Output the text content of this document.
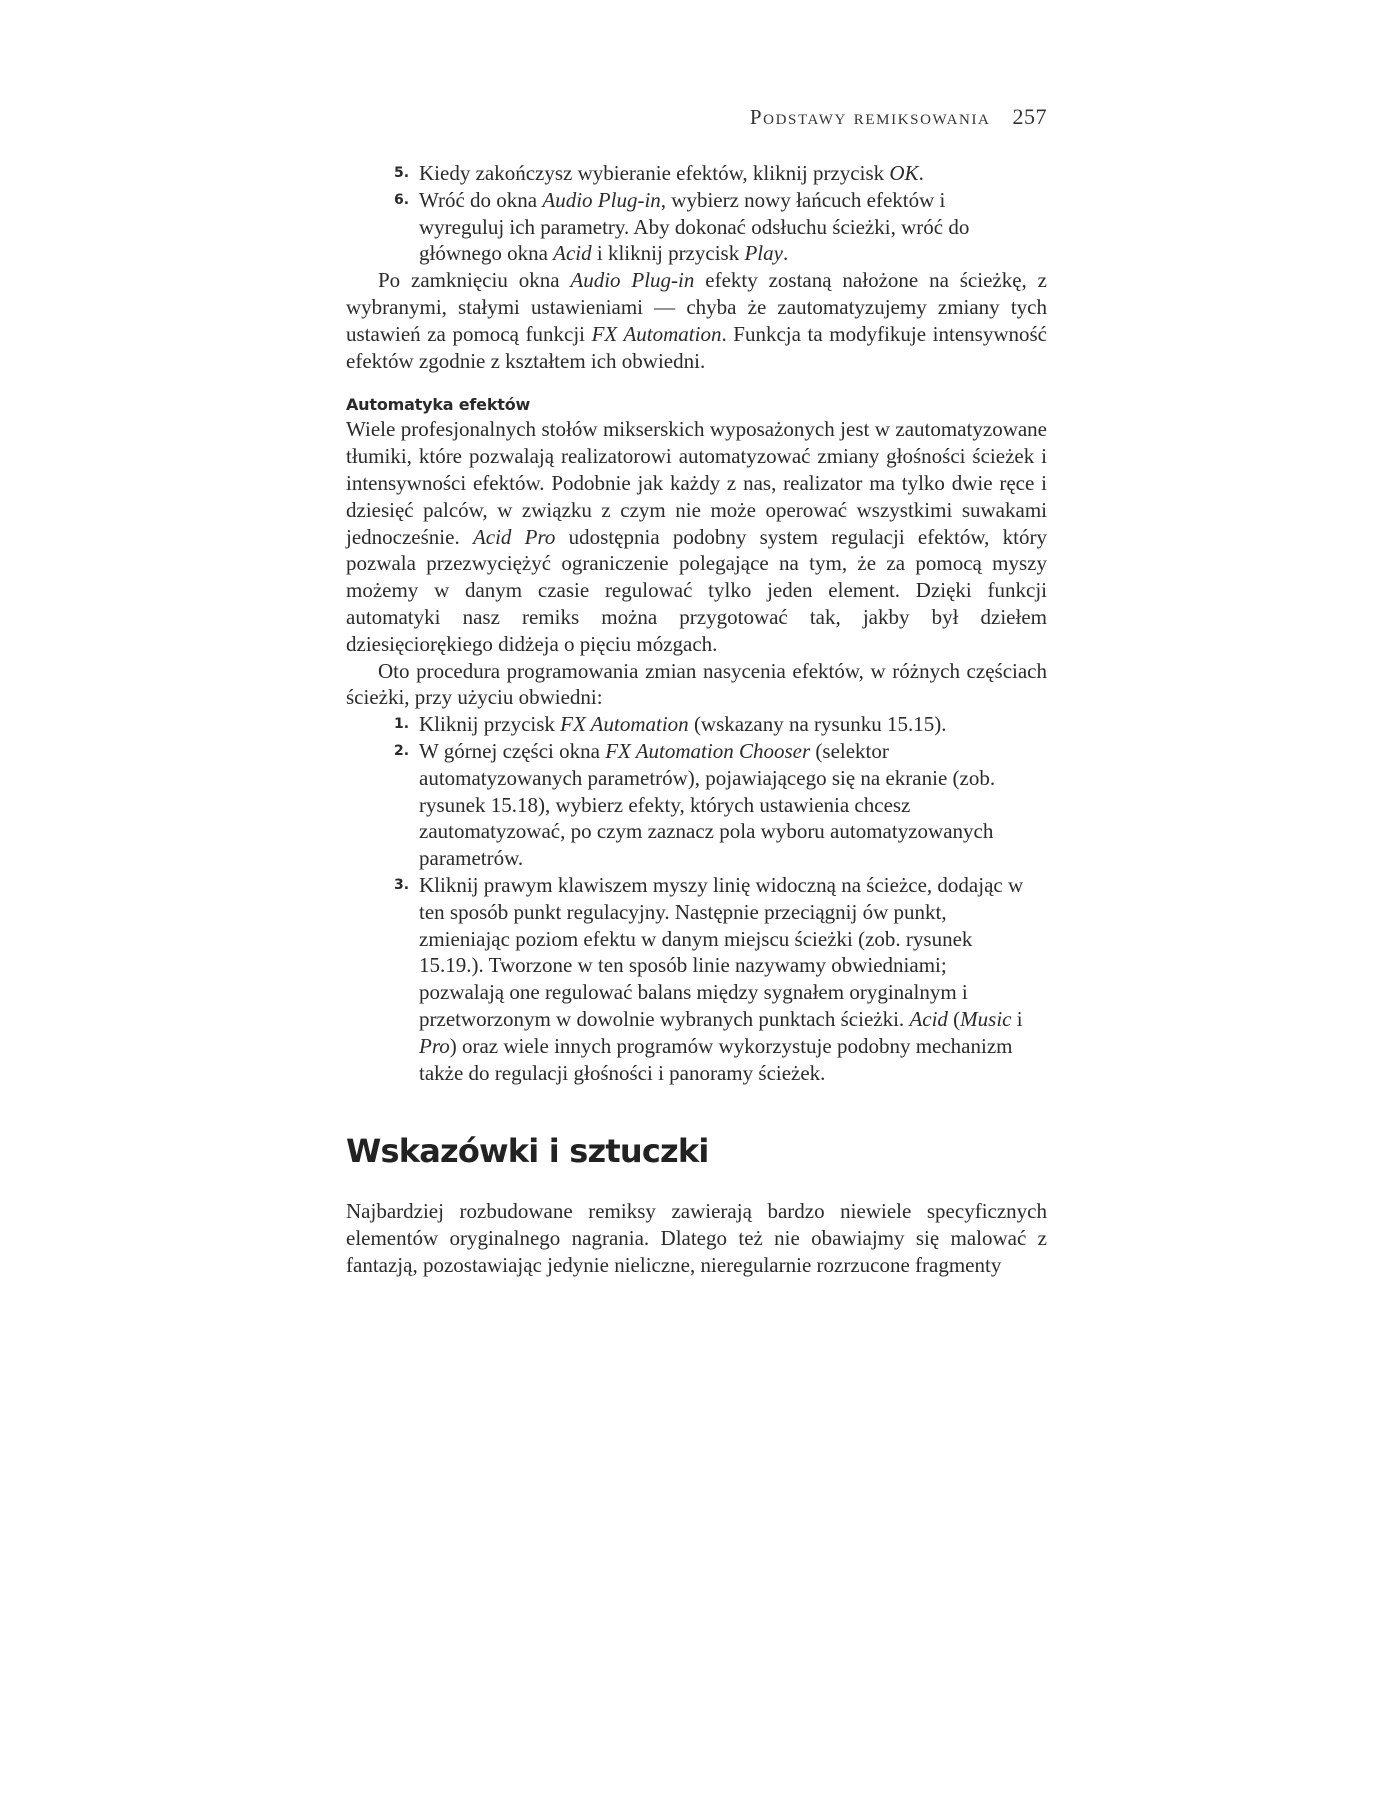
Podstawy remiksowania 257
5. Kiedy zakończysz wybieranie efektów, kliknij przycisk OK.
6. Wróć do okna Audio Plug-in, wybierz nowy łańcuch efektów i wyreguluj ich parametry. Aby dokonać odsłuchu ścieżki, wróć do głównego okna Acid i kliknij przycisk Play.

Po zamknięciu okna Audio Plug-in efekty zostaną nałożone na ścieżkę, z wybranymi, stałymi ustawieniami — chyba że zautomatyzujemy zmiany tych ustawień za pomocą funkcji FX Automation. Funkcja ta modyfikuje intensywność efektów zgodnie z kształtem ich obwiedni.

Automatyka efektów

Wiele profesjonalnych stołów mikserskich wyposażonych jest w zautomatyzowane tłumiki, które pozwalają realizatorowi automatyzować zmiany głośności ścieżek i intensywności efektów. Podobnie jak każdy z nas, realizator ma tylko dwie ręce i dziesięć palców, w związku z czym nie może operować wszystkimi suwakami jednocześnie. Acid Pro udostępnia podobny system regulacji efektów, który pozwala przezwyciężyć ograniczenie polegające na tym, że za pomocą myszy możemy w danym czasie regulować tylko jeden element. Dzięki funkcji automatyki nasz remiks można przygotować tak, jakby był dziełem dziesięciorękiego didżeja o pięciu mózgach.

Oto procedura programowania zmian nasycenia efektów, w różnych częściach ścieżki, przy użyciu obwiedni:

1. Kliknij przycisk FX Automation (wskazany na rysunku 15.15).
2. W górnej części okna FX Automation Chooser (selektor automatyzowanych parametrów), pojawiającego się na ekranie (zob. rysunek 15.18), wybierz efekty, których ustawienia chcesz zautomatyzować, po czym zaznacz pola wyboru automatyzowanych parametrów.
3. Kliknij prawym klawiszem myszy linię widoczną na ścieżce, dodając w ten sposób punkt regulacyjny. Następnie przeciągnij ów punkt, zmieniając poziom efektu w danym miejscu ścieżki (zob. rysunek 15.19.). Tworzone w ten sposób linie nazywamy obwiedniami; pozwalają one regulować balans między sygnałem oryginalnym i przetworzonym w dowolnie wybranych punktach ścieżki. Acid (Music i Pro) oraz wiele innych programów wykorzystuje podobny mechanizm także do regulacji głośności i panoramy ścieżek.
Wskazówki i sztuczki

Najbardziej rozbudowane remiksy zawierają bardzo niewiele specyficznych elementów oryginalnego nagrania. Dlatego też nie obawiajmy się malować z fantazją, pozostawiając jedynie nieliczne, nieregularnie rozrzucone fragmenty
